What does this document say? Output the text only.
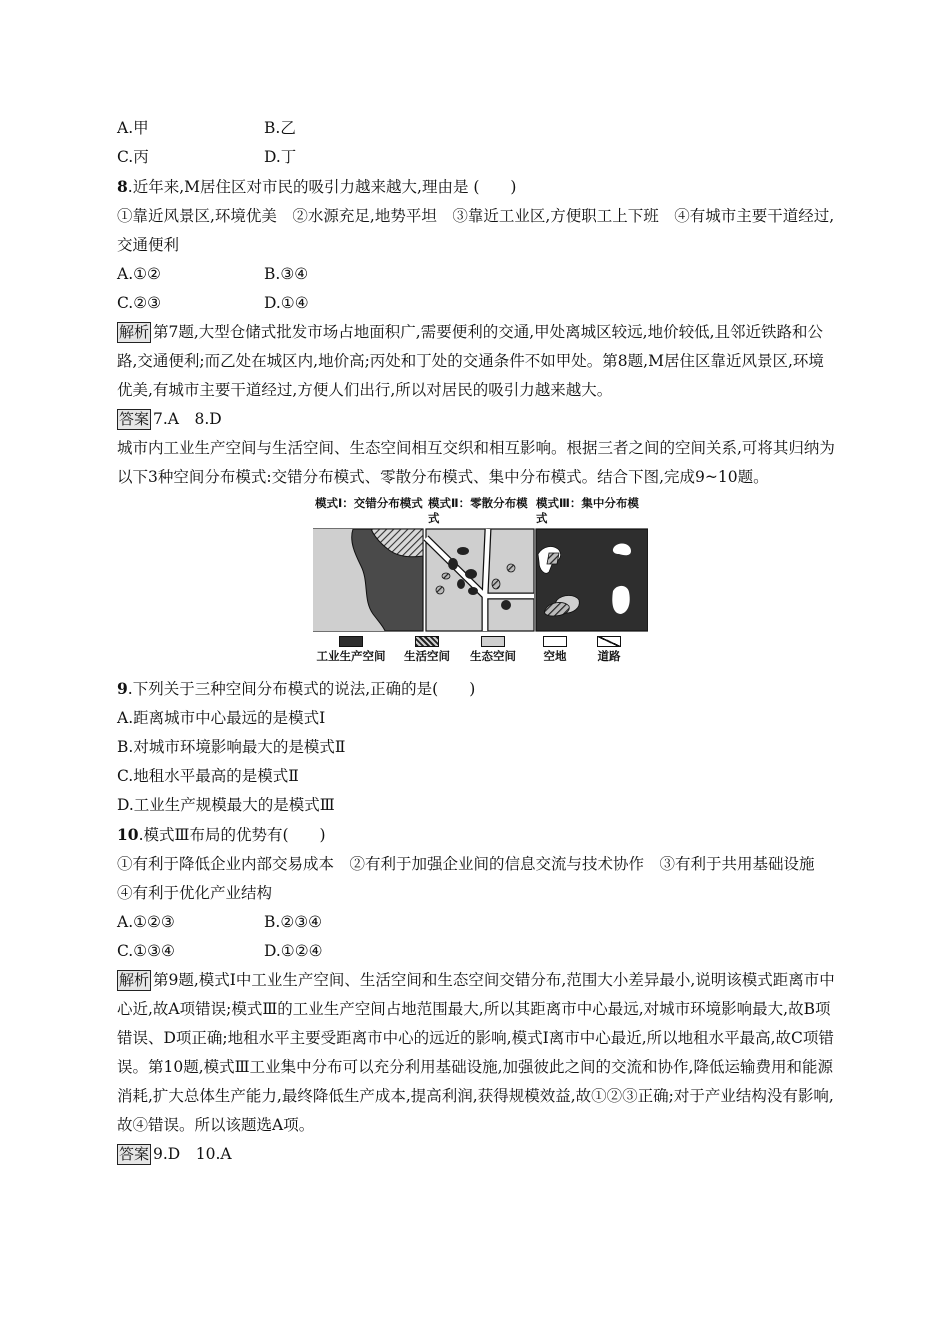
A.甲	B.乙
C.丙	D.丁
8.近年来,M居住区对市民的吸引力越来越大,理由是 (　　)
①靠近风景区,环境优美　②水源充足,地势平坦　③靠近工业区,方便职工上下班　④有城市主要干道经过,交通便利
A.①②	B.③④
C.②③	D.①④
解析 第7题,大型仓储式批发市场占地面积广,需要便利的交通,甲处离城区较远,地价较低,且邻近铁路和公路,交通便利;而乙处在城区内,地价高;丙处和丁处的交通条件不如甲处。第8题,M居住区靠近风景区,环境优美,有城市主要干道经过,方便人们出行,所以对居民的吸引力越来越大。
答案 7.A　8.D
城市内工业生产空间与生活空间、生态空间相互交织和相互影响。根据三者之间的空间关系,可将其归纳为以下3种空间分布模式:交错分布模式、零散分布模式、集中分布模式。结合下图,完成9~10题。
模式Ⅰ：交错分布模式 模式Ⅱ：零散分布模式
模式Ⅲ：集中分布模式
工业生产空间	生活空间	生态空间	空地	道路
9.下列关于三种空间分布模式的说法,正确的是(　　)
A.距离城市中心最远的是模式Ⅰ
B.对城市环境影响最大的是模式Ⅱ
C.地租水平最高的是模式Ⅱ
D.工业生产规模最大的是模式Ⅲ
10.模式Ⅲ布局的优势有(　　)
①有利于降低企业内部交易成本　②有利于加强企业间的信息交流与技术协作　③有利于共用基础设施　④有利于优化产业结构
A.①②③	B.②③④
C.①③④	D.①②④
解析 第9题,模式Ⅰ中工业生产空间、生活空间和生态空间交错分布,范围大小差异最小,说明该模式距离市中心近,故A项错误;模式Ⅲ的工业生产空间占地范围最大,所以其距离市中心最远,对城市环境影响最大,故B项错误、D项正确;地租水平主要受距离市中心的远近的影响,模式Ⅰ离市中心最近,所以地租水平最高,故C项错误。第10题,模式Ⅲ工业集中分布可以充分利用基础设施,加强彼此之间的交流和协作,降低运输费用和能源消耗,扩大总体生产能力,最终降低生产成本,提高利润,获得规模效益,故①②③正确;对于产业结构没有影响,故④错误。所以该题选A项。
答案 9.D　10.A
